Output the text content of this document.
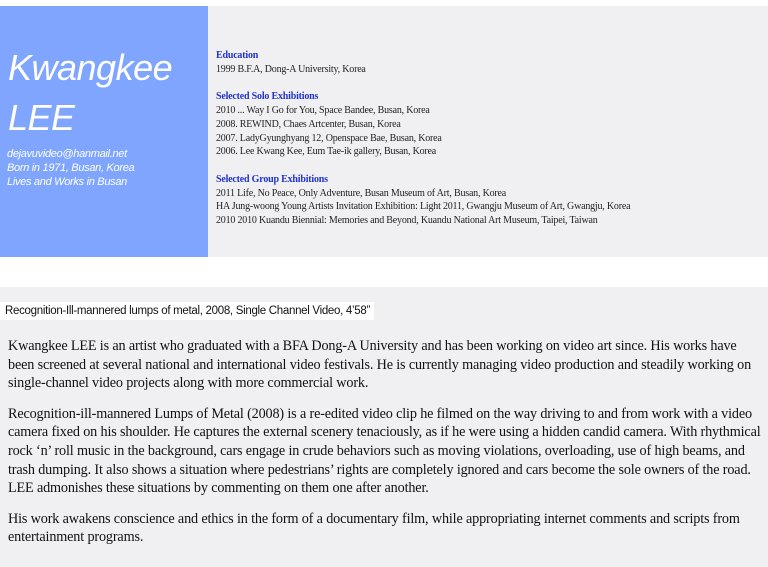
Kwangkee
LEE
dejavuvideo@hanmail.net
Born in 1971, Busan, Korea
Lives and Works in Busan
Education
1999 B.F.A, Dong-A University, Korea
Selected Solo Exhibitions
2010 ... Way I Go for You, Space Bandee, Busan, Korea
2008. REWIND, Chaes Artcenter, Busan, Korea
2007. LadyGyunghyang 12, Openspace Bae, Busan, Korea
2006. Lee Kwang Kee, Eum Tae-ik gallery, Busan, Korea
Selected Group Exhibitions
2011 Life, No Peace, Only Adventure, Busan Museum of Art, Busan, Korea
HA Jung-woong Young Artists Invitation Exhibition: Light 2011, Gwangju Museum of Art, Gwangju, Korea
2010 2010 Kuandu Biennial: Memories and Beyond, Kuandu National Art Museum, Taipei, Taiwan
Recognition-Ill-mannered lumps of metal, 2008, Single Channel Video, 4’58”

Kwangkee LEE is an artist who graduated with a BFA Dong-A University and has been working on video art since. His works have been screened at several national and international video festivals. He is currently managing video production and steadily working on single-channel video projects along with more commercial work.

Recognition-ill-mannered Lumps of Metal (2008) is a re-edited video clip he filmed on the way driving to and from work with a video camera fixed on his shoulder. He captures the external scenery tenaciously, as if he were using a hidden candid camera. With rhythmical rock ‘n’ roll music in the background, cars engage in crude behaviors such as moving violations, overloading, use of high beams, and trash dumping. It also shows a situation where pedestrians’ rights are completely ignored and cars become the sole owners of the road. LEE admonishes these situations by commenting on them one after another.

His work awakens conscience and ethics in the form of a documentary film, while appropriating internet comments and scripts from entertainment programs.
